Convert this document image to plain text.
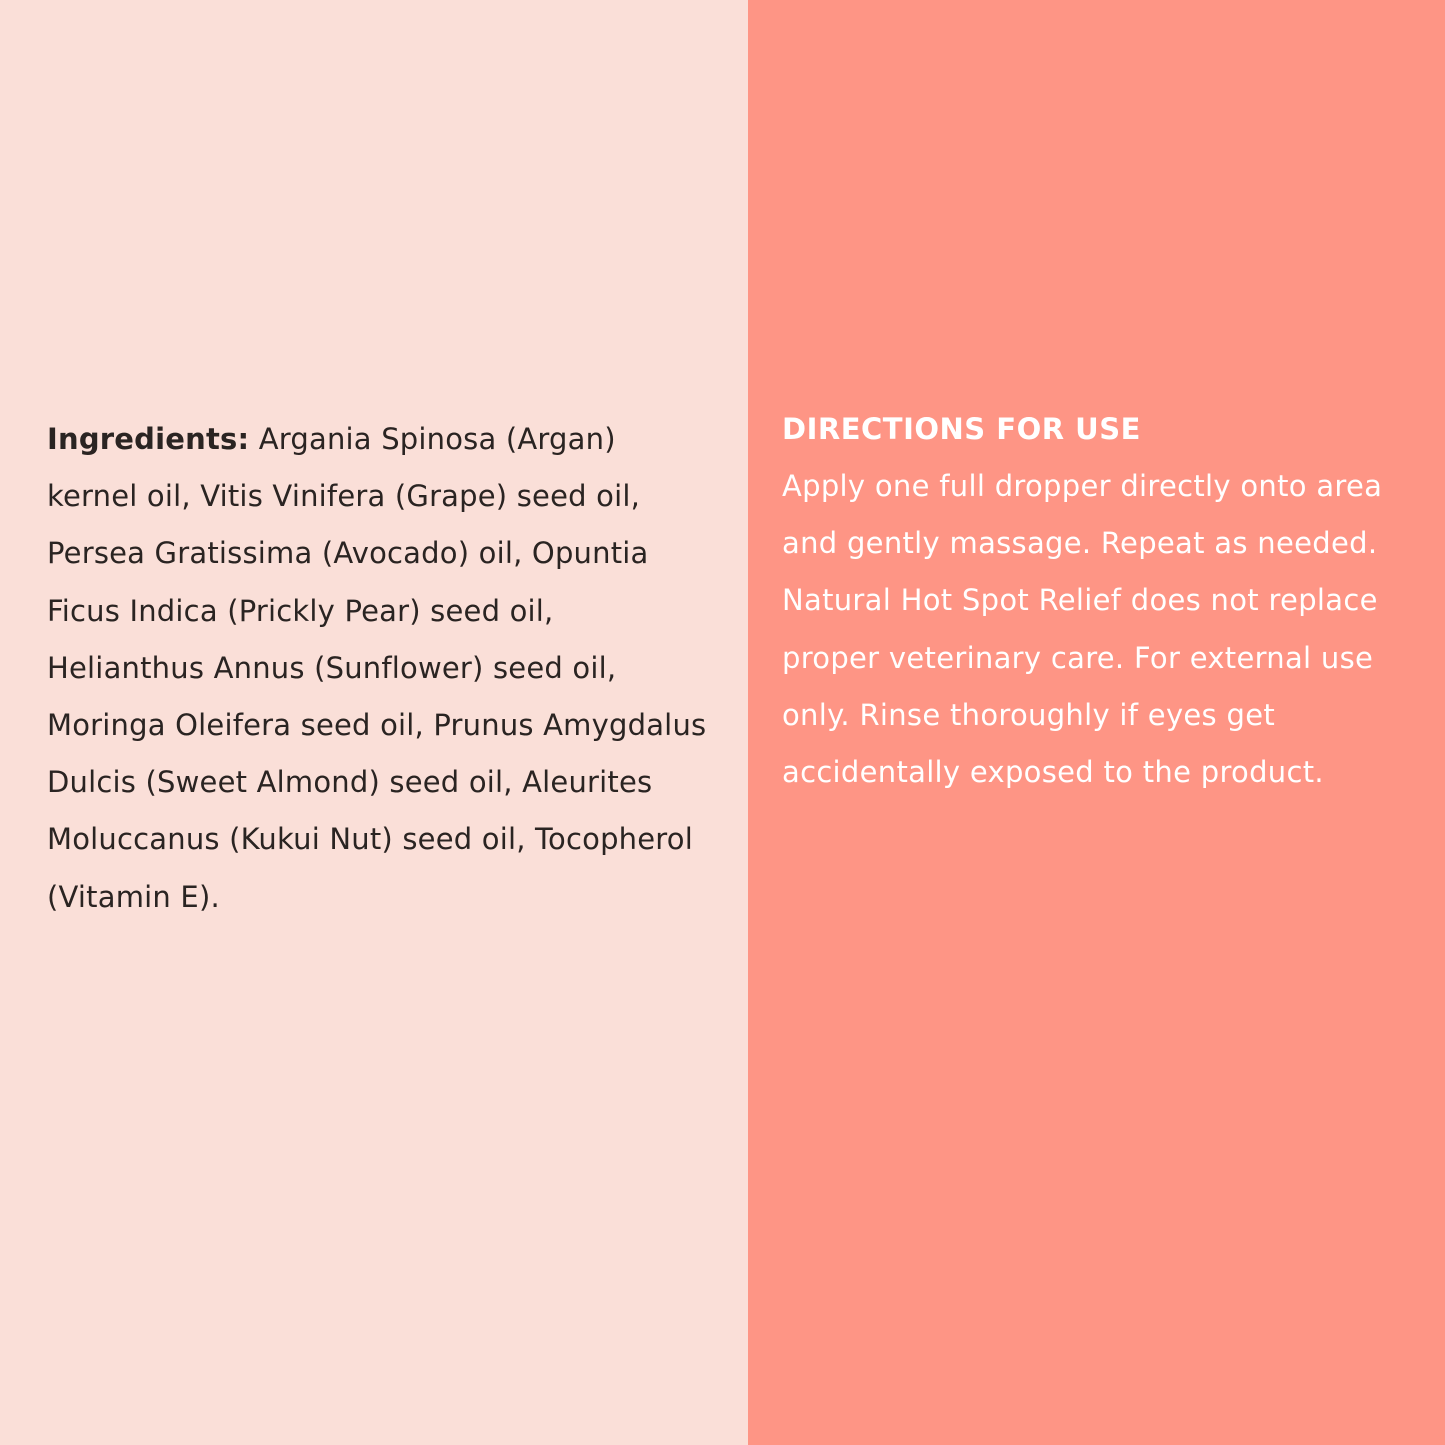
Ingredients: Argania Spinosa (Argan) kernel oil, Vitis Vinifera (Grape) seed oil, Persea Gratissima (Avocado) oil, Opuntia Ficus Indica (Prickly Pear) seed oil, Helianthus Annus (Sunflower) seed oil, Moringa Oleifera seed oil, Prunus Amygdalus Dulcis (Sweet Almond) seed oil, Aleurites Moluccanus (Kukui Nut) seed oil, Tocopherol (Vitamin E).

DIRECTIONS FOR USE

Apply one full dropper directly onto area and gently massage. Repeat as needed. Natural Hot Spot Relief does not replace proper veterinary care. For external use only. Rinse thoroughly if eyes get accidentally exposed to the product.
